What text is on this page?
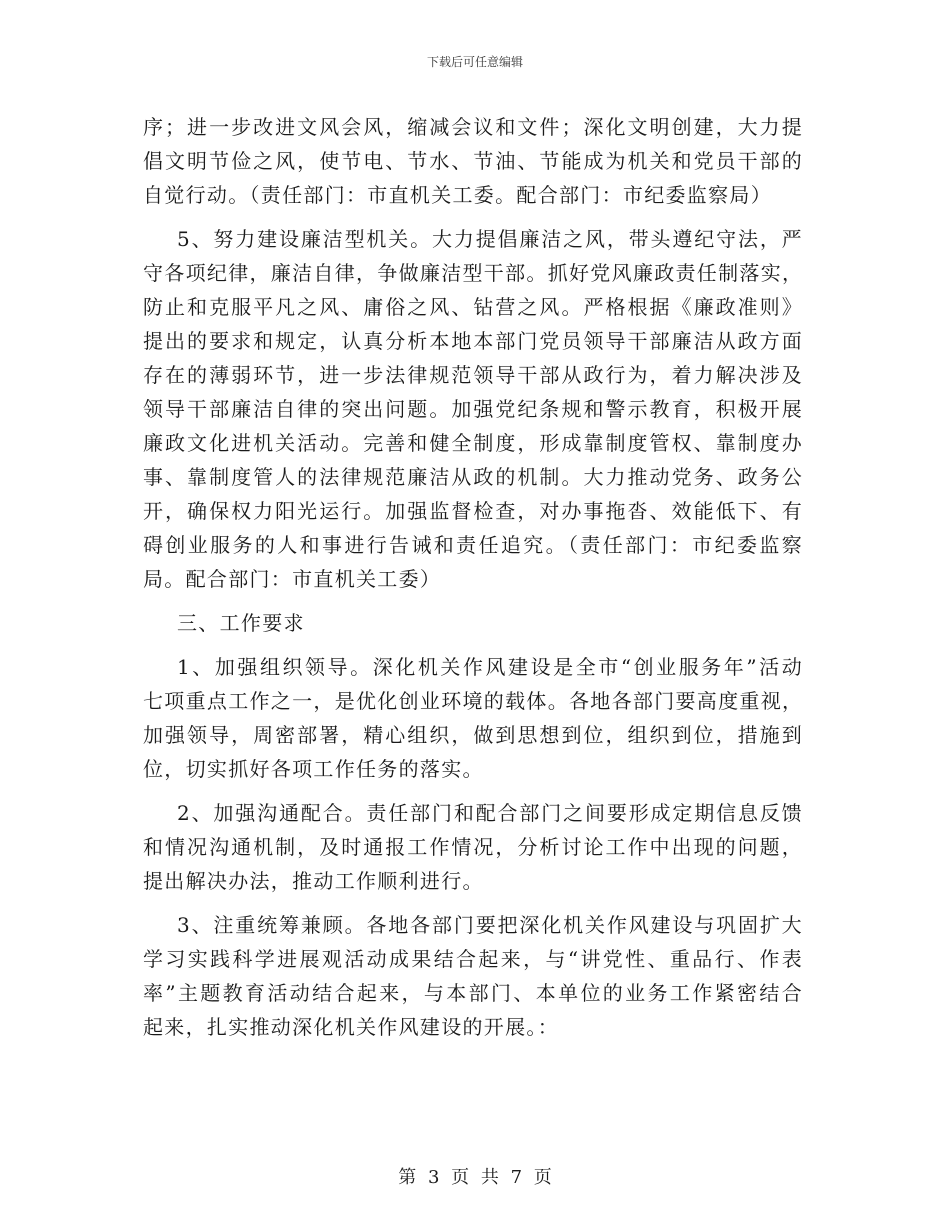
下载后可任意编辑
序；进一步改进文风会风，缩减会议和文件；深化文明创建，大力提
倡文明节俭之风，使节电、节水、节油、节能成为机关和党员干部的
自觉行动。（责任部门：市直机关工委。配合部门：市纪委监察局）
5、努力建设廉洁型机关。大力提倡廉洁之风，带头遵纪守法，严
守各项纪律，廉洁自律，争做廉洁型干部。抓好党风廉政责任制落实，
防止和克服平凡之风、庸俗之风、钻营之风。严格根据《廉政准则》
提出的要求和规定，认真分析本地本部门党员领导干部廉洁从政方面
存在的薄弱环节，进一步法律规范领导干部从政行为，着力解决涉及
领导干部廉洁自律的突出问题。加强党纪条规和警示教育，积极开展
廉政文化进机关活动。完善和健全制度，形成靠制度管权、靠制度办
事、靠制度管人的法律规范廉洁从政的机制。大力推动党务、政务公
开，确保权力阳光运行。加强监督检查，对办事拖沓、效能低下、有
碍创业服务的人和事进行告诫和责任追究。（责任部门：市纪委监察
局。配合部门：市直机关工委）
三、工作要求
1、加强组织领导。深化机关作风建设是全市“创业服务年”活动
七项重点工作之一，是优化创业环境的载体。各地各部门要高度重视，
加强领导，周密部署，精心组织，做到思想到位，组织到位，措施到
位，切实抓好各项工作任务的落实。
2、加强沟通配合。责任部门和配合部门之间要形成定期信息反馈
和情况沟通机制，及时通报工作情况，分析讨论工作中出现的问题，
提出解决办法，推动工作顺利进行。
3、注重统筹兼顾。各地各部门要把深化机关作风建设与巩固扩大
学习实践科学进展观活动成果结合起来，与“讲党性、重品行、作表
率”主题教育活动结合起来，与本部门、本单位的业务工作紧密结合
起来，扎实推动深化机关作风建设的开展。：
第 3 页 共 7 页
